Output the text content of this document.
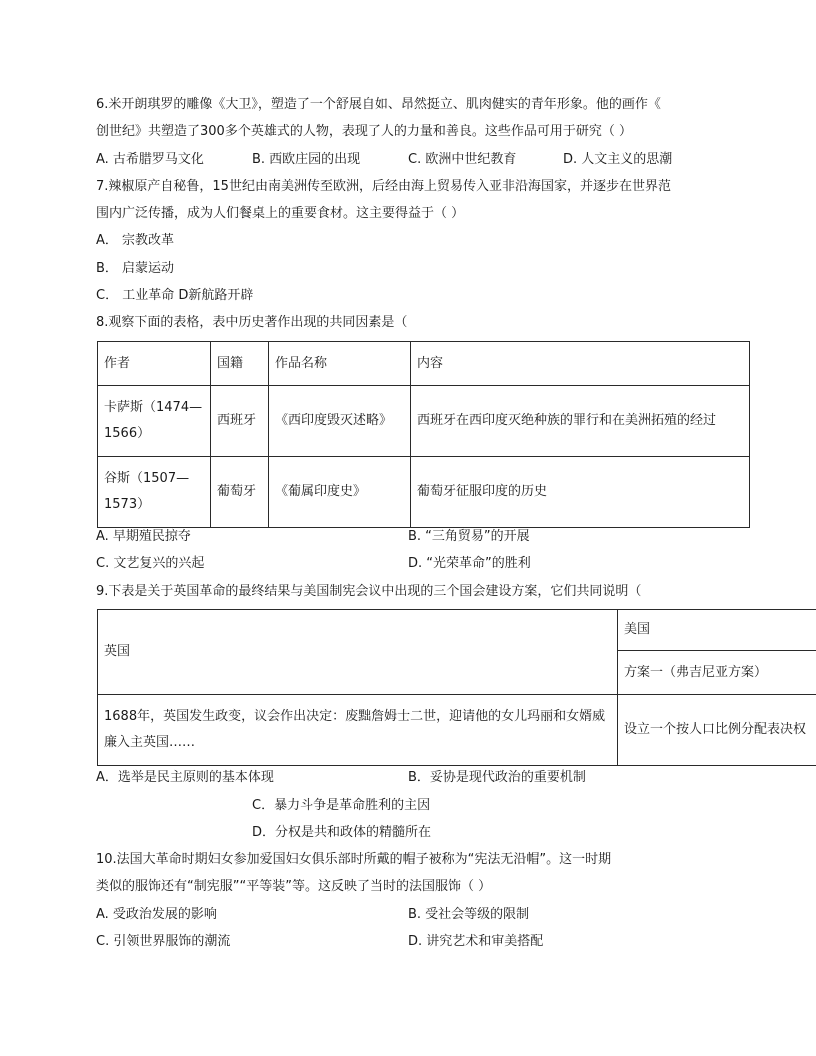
6.米开朗琪罗的雕像《大卫》，塑造了一个舒展自如、昂然挺立、肌肉健实的青年形象。他的画作《
创世纪》共塑造了300多个英雄式的人物，表现了人的力量和善良。这些作品可用于研究（ ）
A. 古希腊罗马文化	B. 西欧庄园的出现	C. 欧洲中世纪教育	D. 人文主义的思潮
7.辣椒原产自秘鲁，15世纪由南美洲传至欧洲，后经由海上贸易传入亚非沿海国家，并逐步在世界范
围内广泛传播，成为人们餐桌上的重要食材。这主要得益于（ ）
A． 宗教改革
B． 启蒙运动
C． 工业革命 D新航路开辟
8.观察下面的表格，表中历史著作出现的共同因素是（
作者	国籍	作品名称	内容
卡萨斯（1474—1566）	西班牙	《西印度毁灭述略》	西班牙在西印度灭绝种族的罪行和在美洲拓殖的经过
谷斯（1507—1573）	葡萄牙	《葡属印度史》	葡萄牙征服印度的历史
A. 早期殖民掠夺	B. “三角贸易”的开展
C. 文艺复兴的兴起	D. “光荣革命”的胜利
9.下表是关于英国革命的最终结果与美国制宪会议中出现的三个国会建设方案，它们共同说明（
英国	美国
	方案一（弗吉尼亚方案）
1688年，英国发生政变，议会作出决定：废黜詹姆士二世，迎请他的女儿玛丽和女婿威廉入主英国……	设立一个按人口比例分配表决权
A．选举是民主原则的基本体现	B．妥协是现代政治的重要机制
C．暴力斗争是革命胜利的主因
D．分权是共和政体的精髓所在
10.法国大革命时期妇女参加爱国妇女俱乐部时所戴的帽子被称为“宪法无沿帽”。这一时期
类似的服饰还有“制宪服”“平等装”等。这反映了当时的法国服饰（ ）
A. 受政治发展的影响	B. 受社会等级的限制
C. 引领世界服饰的潮流	D. 讲究艺术和审美搭配
